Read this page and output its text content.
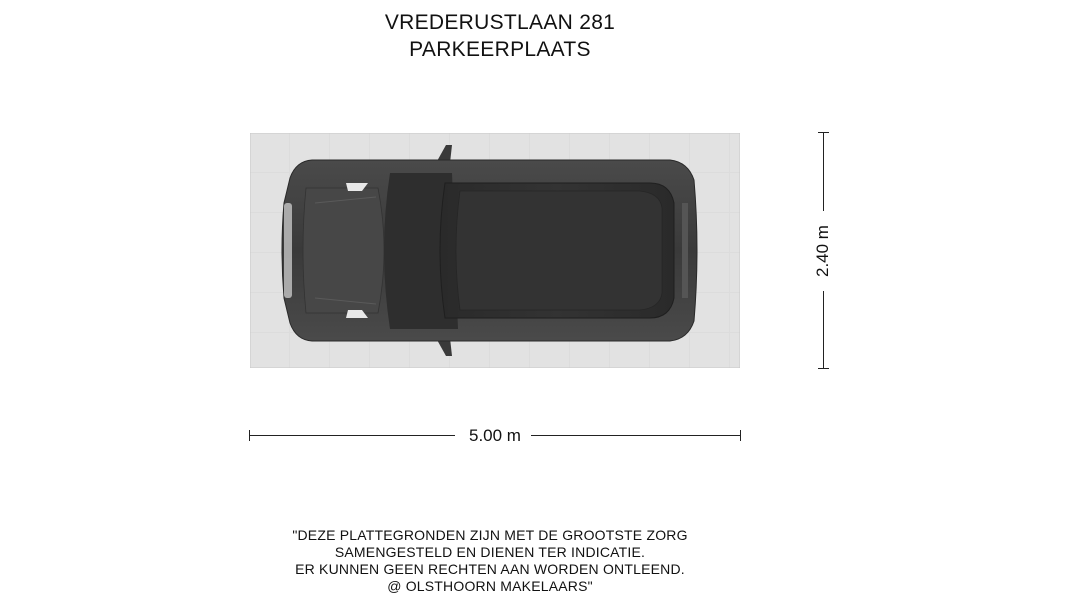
VREDERUSTLAAN 281
PARKEERPLAATS
5.00 m
2.40 m
"DEZE PLATTEGRONDEN ZIJN MET DE GROOTSTE ZORG
SAMENGESTELD EN DIENEN TER INDICATIE.
ER KUNNEN GEEN RECHTEN AAN WORDEN ONTLEEND.
@ OLSTHOORN MAKELAARS"
